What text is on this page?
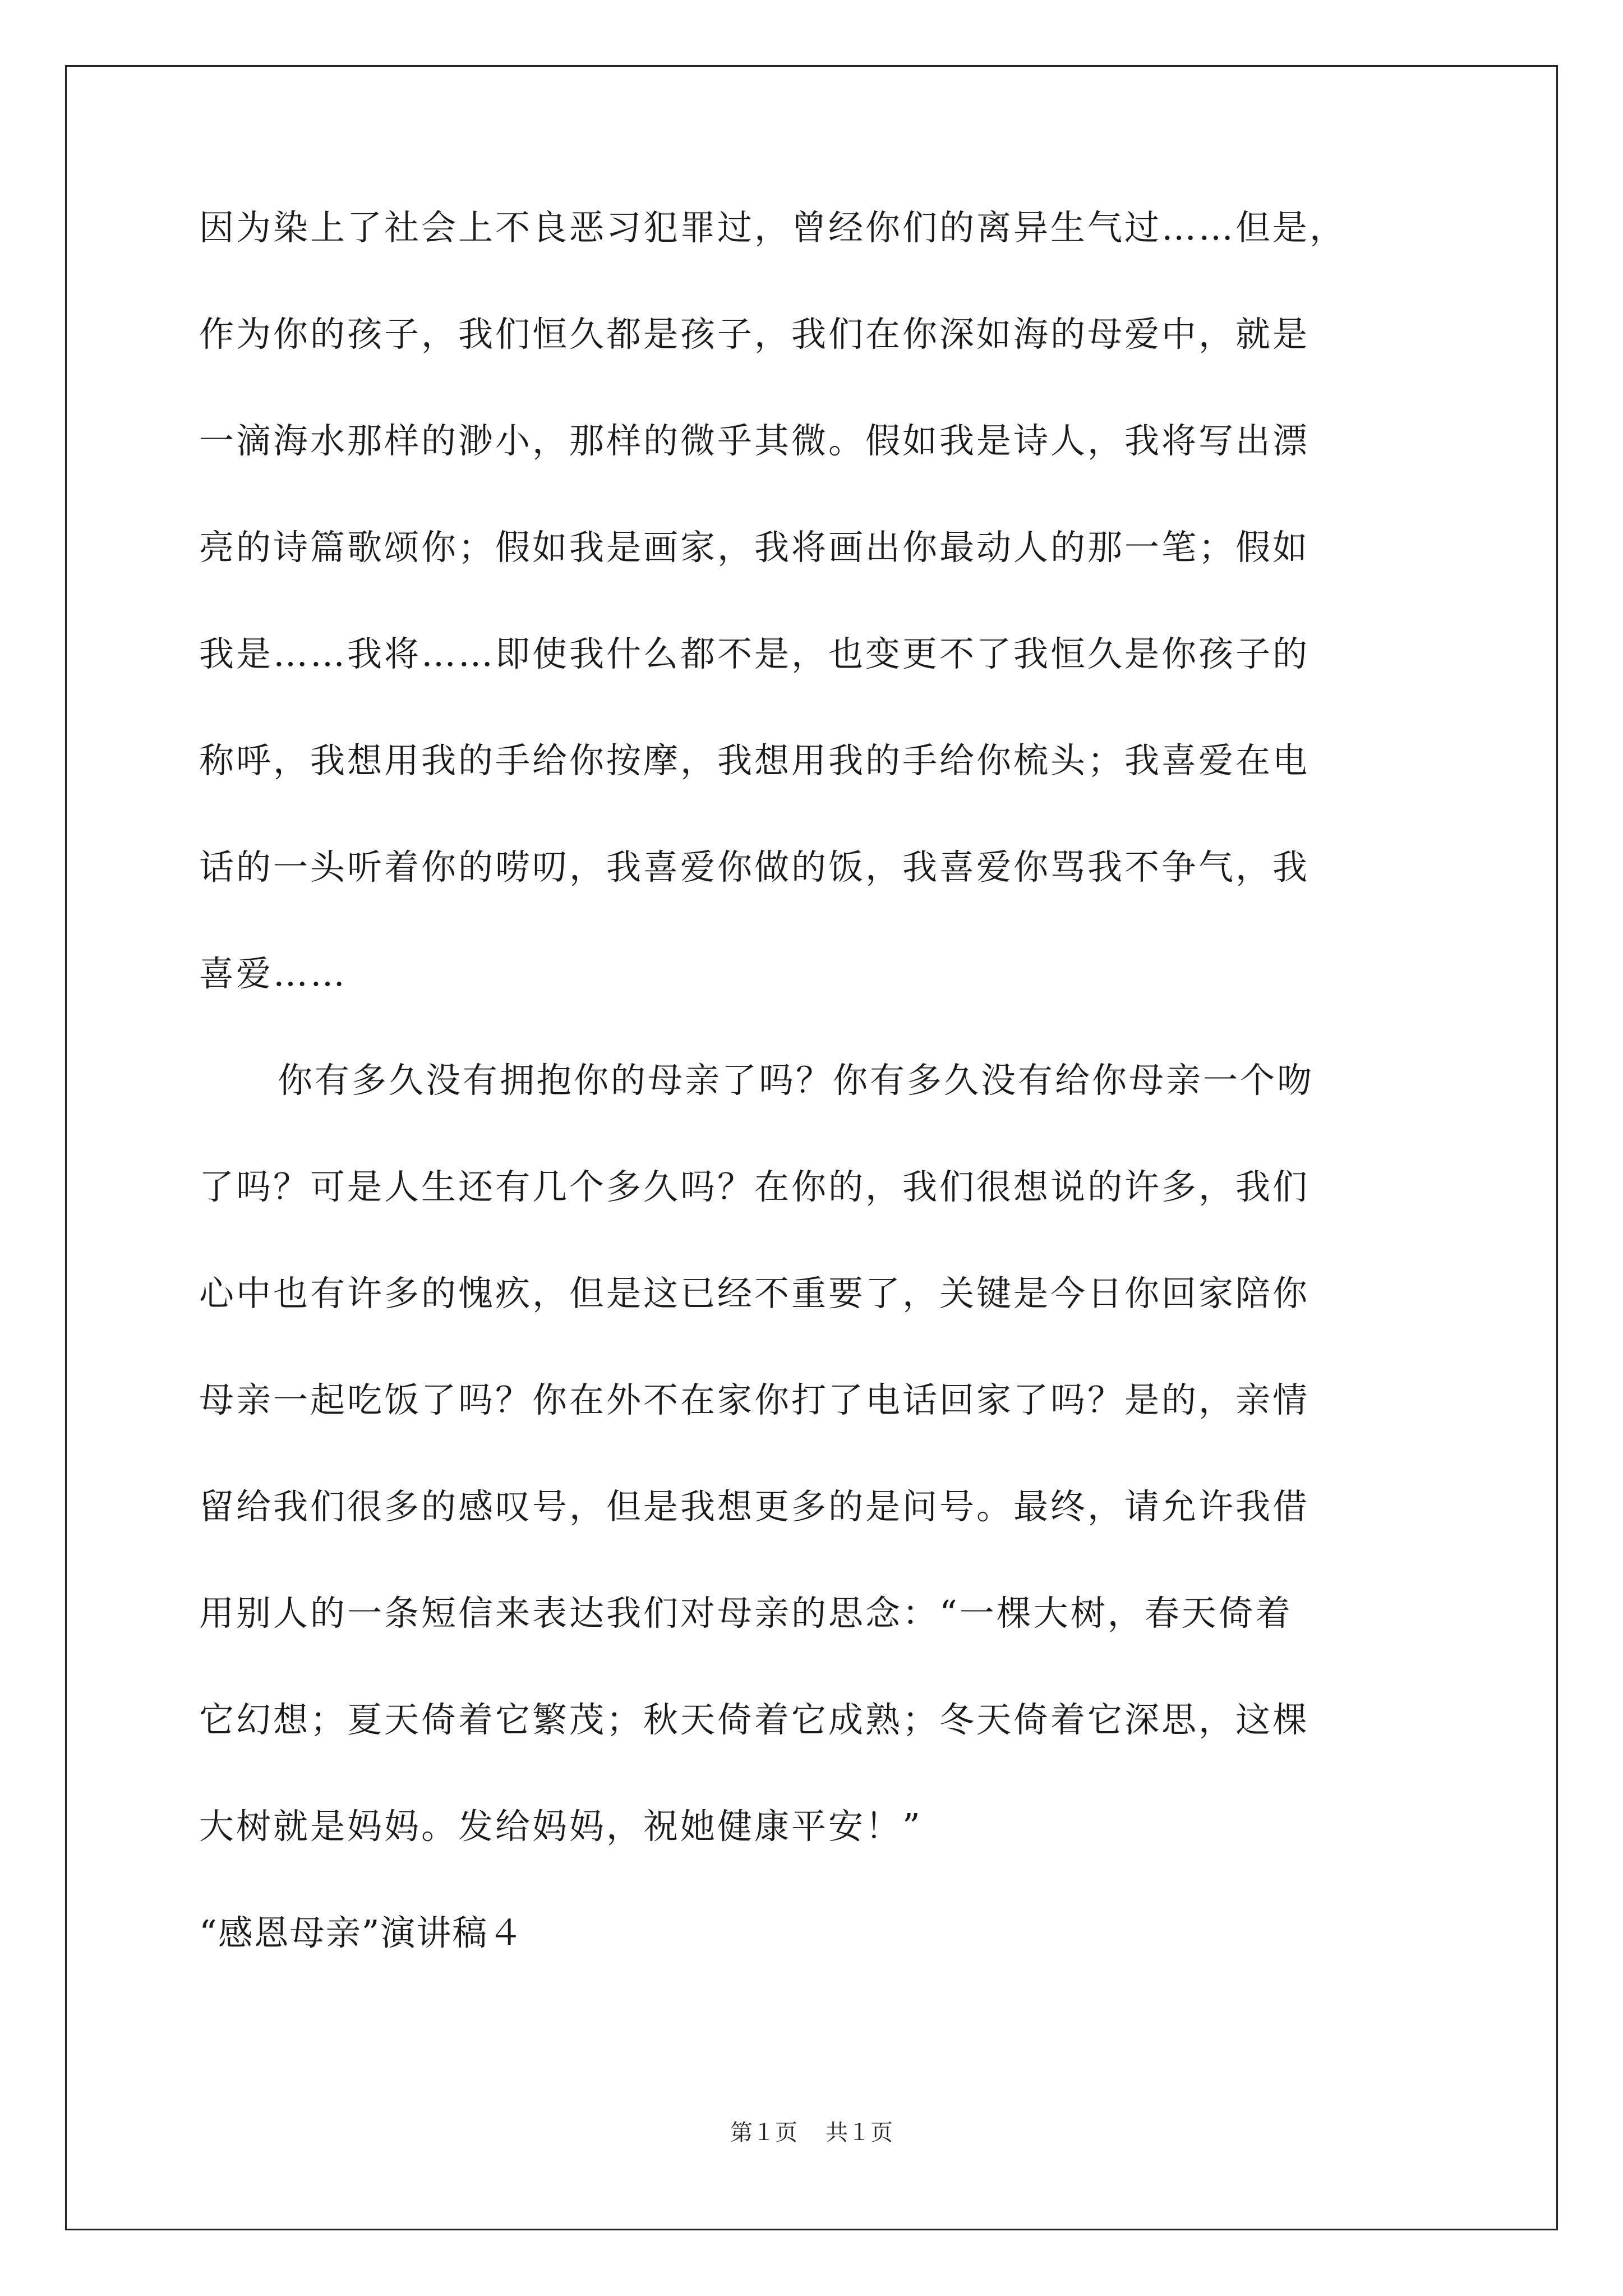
因为染上了社会上不良恶习犯罪过，曾经你们的离异生气过……但是，
作为你的孩子，我们恒久都是孩子，我们在你深如海的母爱中，就是
一滴海水那样的渺小，那样的微乎其微。假如我是诗人，我将写出漂
亮的诗篇歌颂你；假如我是画家，我将画出你最动人的那一笔；假如
我是……我将……即使我什么都不是，也变更不了我恒久是你孩子的
称呼，我想用我的手给你按摩，我想用我的手给你梳头；我喜爱在电
话的一头听着你的唠叨，我喜爱你做的饭，我喜爱你骂我不争气，我
喜爱……
你有多久没有拥抱你的母亲了吗？你有多久没有给你母亲一个吻
了吗？可是人生还有几个多久吗？在你的，我们很想说的许多，我们
心中也有许多的愧疚，但是这已经不重要了，关键是今日你回家陪你
母亲一起吃饭了吗？你在外不在家你打了电话回家了吗？是的，亲情
留给我们很多的感叹号，但是我想更多的是问号。最终，请允许我借
用别人的一条短信来表达我们对母亲的思念：“一棵大树，春天倚着
它幻想；夏天倚着它繁茂；秋天倚着它成熟；冬天倚着它深思，这棵
大树就是妈妈。发给妈妈，祝她健康平安！”
“感恩母亲”演讲稿４
第１页 共１页
